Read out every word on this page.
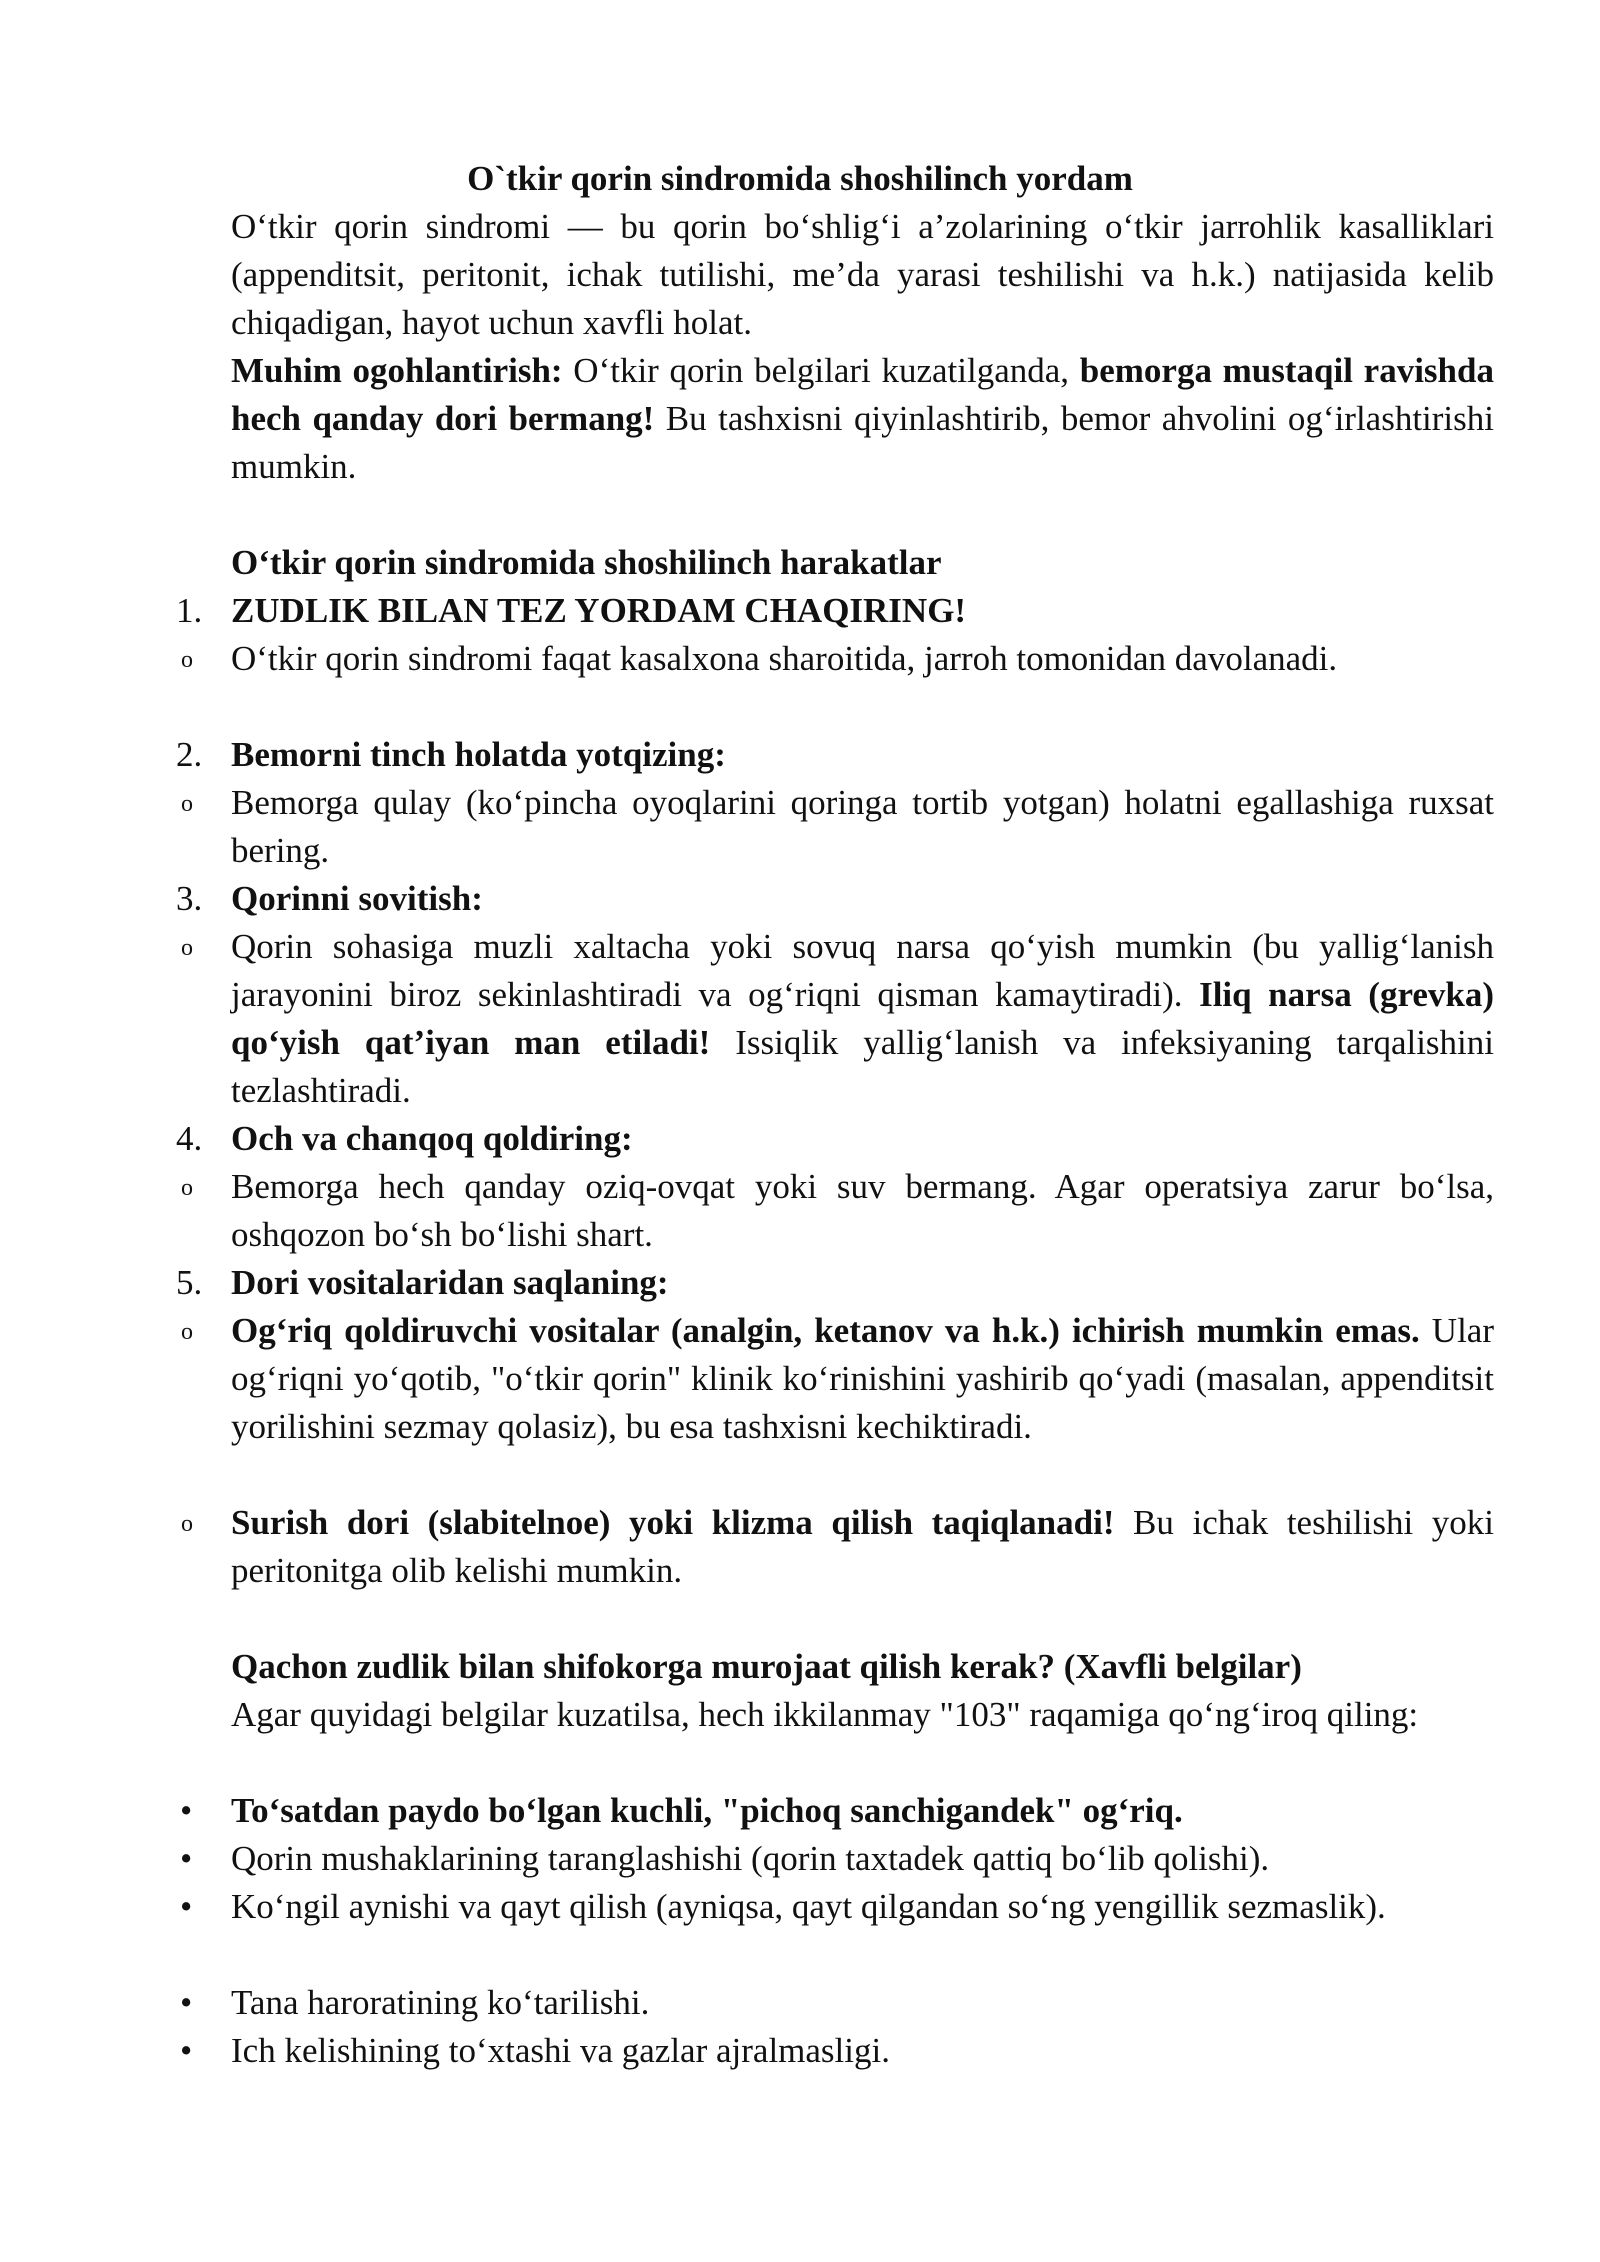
O`tkir qorin sindromida shoshilinch yordam
O‘tkir qorin sindromi — bu qorin bo‘shlig‘i a’zolarining o‘tkir jarrohlik kasalliklari (appenditsit, peritonit, ichak tutilishi, me’da yarasi teshilishi va h.k.) natijasida kelib chiqadigan, hayot uchun xavfli holat.
Muhim ogohlantirish: O‘tkir qorin belgilari kuzatilganda, bemorga mustaqil ravishda hech qanday dori bermang! Bu tashxisni qiyinlashtirib, bemor ahvolini og‘irlashtirishi mumkin.
O‘tkir qorin sindromida shoshilinch harakatlar
1. ZUDLIK BILAN TEZ YORDAM CHAQIRING!
o	O‘tkir qorin sindromi faqat kasalxona sharoitida, jarroh tomonidan davolanadi.
2. Bemorni tinch holatda yotqizing:
o	Bemorga qulay (ko‘pincha oyoqlarini qoringa tortib yotgan) holatni egallashiga ruxsat bering.
3. Qorinni sovitish:
o	Qorin sohasiga muzli xaltacha yoki sovuq narsa qo‘yish mumkin (bu yallig‘lanish jarayonini biroz sekinlashtiradi va og‘riqni qisman kamaytiradi). Iliq narsa (grevka) qo‘yish qat’iyan man etiladi! Issiqlik yallig‘lanish va infeksiyaning tarqalishini tezlashtiradi.
4. Och va chanqoq qoldiring:
o	Bemorga hech qanday oziq-ovqat yoki suv bermang. Agar operatsiya zarur bo‘lsa, oshqozon bo‘sh bo‘lishi shart.
5. Dori vositalaridan saqlaning:
o	Og‘riq qoldiruvchi vositalar (analgin, ketanov va h.k.) ichirish mumkin emas. Ular og‘riqni yo‘qotib, "o‘tkir qorin" klinik ko‘rinishini yashirib qo‘yadi (masalan, appenditsit yorilishini sezmay qolasiz), bu esa tashxisni kechiktiradi.
o	Surish dori (slabitelnoe) yoki klizma qilish taqiqlanadi! Bu ichak teshilishi yoki peritonitga olib kelishi mumkin.
Qachon zudlik bilan shifokorga murojaat qilish kerak? (Xavfli belgilar)
Agar quyidagi belgilar kuzatilsa, hech ikkilanmay "103" raqamiga qo‘ng‘iroq qiling:
•	To‘satdan paydo bo‘lgan kuchli, "pichoq sanchigandek" og‘riq.
•	Qorin mushaklarining taranglashishi (qorin taxtadek qattiq bo‘lib qolishi).
•	Ko‘ngil aynishi va qayt qilish (ayniqsa, qayt qilgandan so‘ng yengillik sezmaslik).
•	Tana haroratining ko‘tarilishi.
•	Ich kelishining to‘xtashi va gazlar ajralmasligi.
